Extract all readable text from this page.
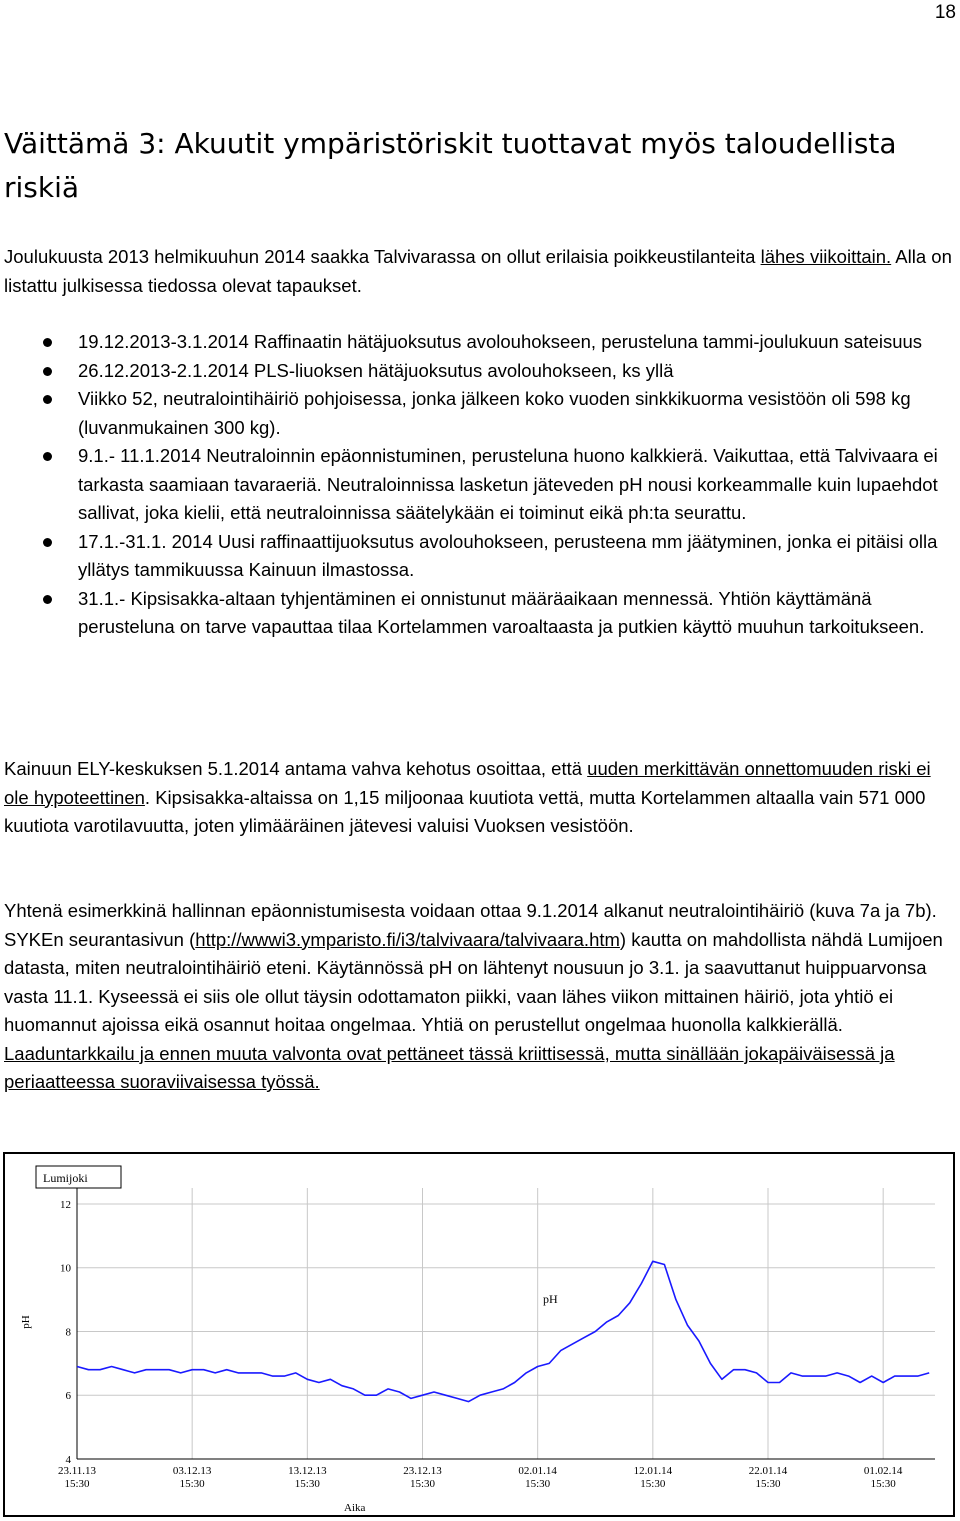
18
Väittämä 3: Akuutit ympäristöriskit tuottavat myös taloudellista riskiä

Joulukuusta 2013 helmikuuhun 2014 saakka Talvivarassa on ollut erilaisia poikkeustilanteita lähes viikoittain. Alla on listattu julkisessa tiedossa olevat tapaukset.

19.12.2013-3.1.2014 Raffinaatin hätäjuoksutus avolouhokseen, perusteluna tammi-joulukuun sateisuus
26.12.2013-2.1.2014 PLS-liuoksen hätäjuoksutus avolouhokseen, ks yllä
Viikko 52, neutralointihäiriö pohjoisessa, jonka jälkeen koko vuoden sinkkikuorma vesistöön oli 598 kg (luvanmukainen 300 kg).
9.1.- 11.1.2014 Neutraloinnin epäonnistuminen, perusteluna huono kalkkierä. Vaikuttaa, että Talvivaara ei tarkasta saamiaan tavaraeriä. Neutraloinnissa lasketun jäteveden pH nousi korkeammalle kuin lupaehdot sallivat, joka kielii, että neutraloinnissa säätelykään ei toiminut eikä ph:ta seurattu.
17.1.-31.1. 2014 Uusi raffinaattijuoksutus avolouhokseen, perusteena mm jäätyminen, jonka ei pitäisi olla yllätys tammikuussa Kainuun ilmastossa.
31.1.- Kipsisakka-altaan tyhjentäminen ei onnistunut määräaikaan mennessä. Yhtiön käyttämänä perusteluna on tarve vapauttaa tilaa Kortelammen varoaltaasta ja putkien käyttö muuhun tarkoitukseen.

Kainuun ELY-keskuksen 5.1.2014 antama vahva kehotus osoittaa, että uuden merkittävän onnettomuuden riski ei ole hypoteettinen. Kipsisakka-altaissa on 1,15 miljoonaa kuutiota vettä, mutta Kortelammen altaalla vain 571 000 kuutiota varotilavuutta, joten ylimääräinen jätevesi valuisi Vuoksen vesistöön.

Yhtenä esimerkkinä hallinnan epäonnistumisesta voidaan ottaa 9.1.2014 alkanut neutralointihäiriö (kuva 7a ja 7b). SYKEn seurantasivun (http://wwwi3.ymparisto.fi/i3/talvivaara/talvivaara.htm) kautta on mahdollista nähdä Lumijoen datasta, miten neutralointihäiriö eteni. Käytännössä pH on lähtenyt nousuun jo 3.1. ja saavuttanut huippuarvonsa vasta 11.1. Kyseessä ei siis ole ollut täysin odottamaton piikki, vaan lähes viikon mittainen häiriö, jota yhtiö ei huomannut ajoissa eikä osannut hoitaa ongelmaa. Yhtiä on perustellut ongelmaa huonolla kalkkierällä. Laaduntarkkailu ja ennen muuta valvonta ovat pettäneet tässä kriittisessä, mutta sinällään jokapäiväisessä ja periaatteessa suoraviivaisessa työssä.

Lumijoki
pH
4
6
8
10
12
23.11.13
15:30
03.12.13
15:30
13.12.13
15:30
23.12.13
15:30
02.01.14
15:30
12.01.14
15:30
22.01.14
15:30
01.02.14
15:30
Aika
pH
